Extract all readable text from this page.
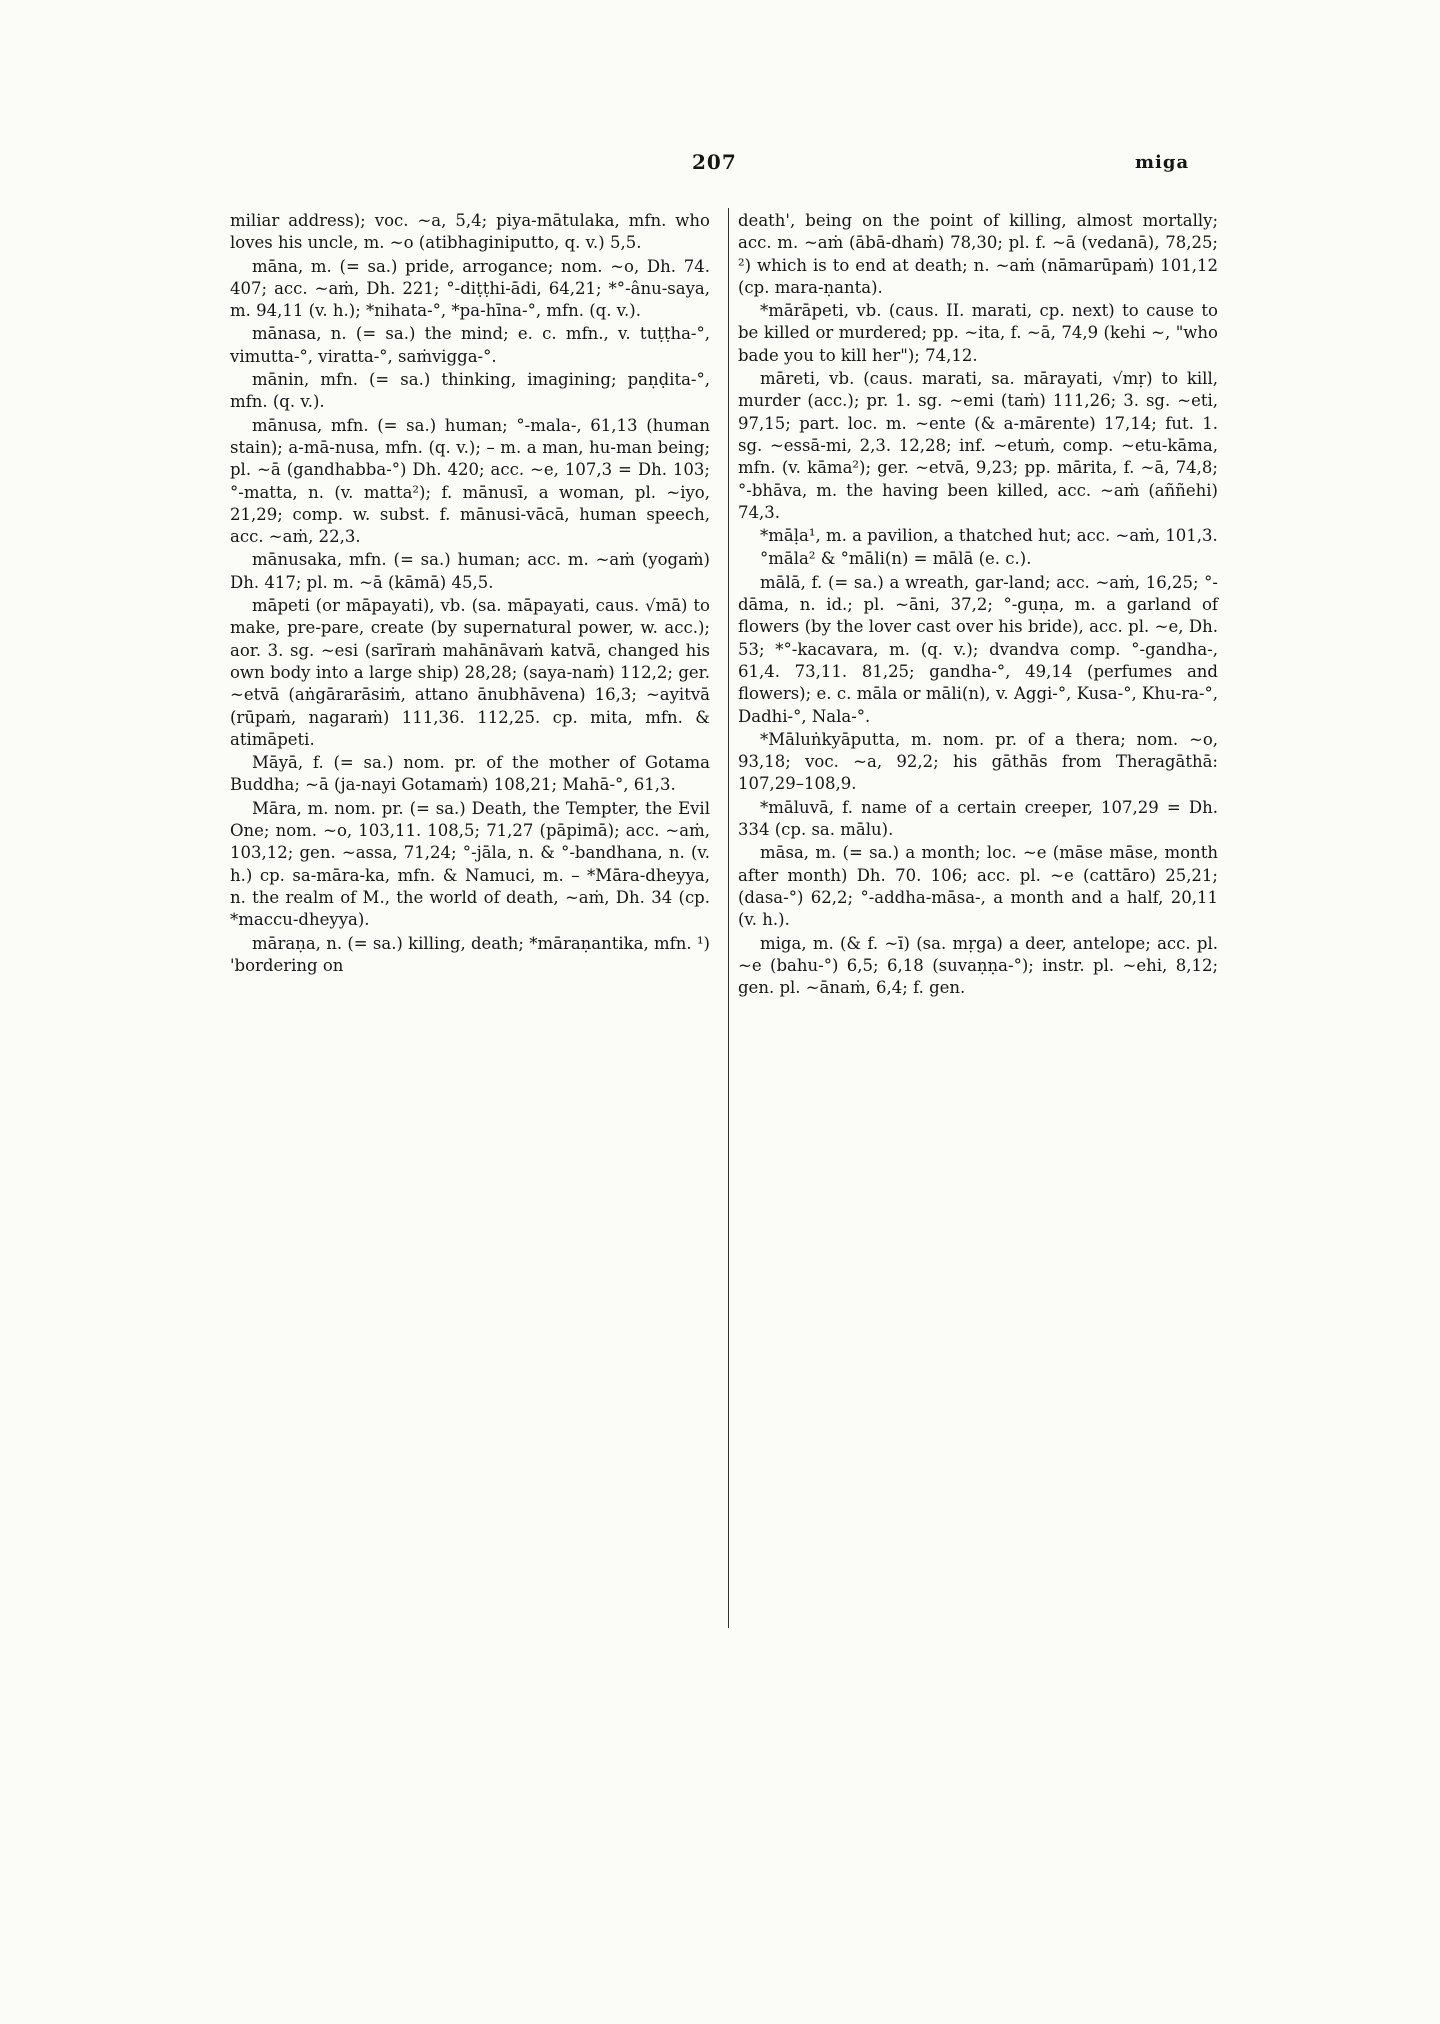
207	miga

miliar address); voc. ~a, 5,4; piya-mātulaka, mfn. who loves his uncle, m. ~o (atibhaginiputto, q. v.) 5,5.

māna, m. (= sa.) pride, arrogance; nom. ~o, Dh. 74. 407; acc. ~aṁ, Dh. 221; °-diṭṭhi-ādi, 64,21; *°-ânu-saya, m. 94,11 (v. h.); *nihata-°, *pa-hīna-°, mfn. (q. v.).

mānasa, n. (= sa.) the mind; e. c. mfn., v. tuṭṭha-°, vimutta-°, viratta-°, saṁvigga-°.

mānin, mfn. (= sa.) thinking, imagining; paṇḍita-°, mfn. (q. v.).

mānusa, mfn. (= sa.) human; °-mala-, 61,13 (human stain); a-mā-nusa, mfn. (q. v.); – m. a man, hu-man being; pl. ~ā (gandhabba-°) Dh. 420; acc. ~e, 107,3 = Dh. 103; °-matta, n. (v. matta²); f. mānusī, a woman, pl. ~iyo, 21,29; comp. w. subst. f. mānusi-vācā, human speech, acc. ~aṁ, 22,3.

mānusaka, mfn. (= sa.) human; acc. m. ~aṁ (yogaṁ) Dh. 417; pl. m. ~ā (kāmā) 45,5.

māpeti (or māpayati), vb. (sa. māpayati, caus. √mā) to make, pre-pare, create (by supernatural power, w. acc.); aor. 3. sg. ~esi (sarīraṁ mahānāvaṁ katvā, changed his own body into a large ship) 28,28; (saya-naṁ) 112,2; ger. ~etvā (aṅgārarāsiṁ, attano ānubhāvena) 16,3; ~ayitvā (rūpaṁ, nagaraṁ) 111,36. 112,25. cp. mita, mfn. & atimāpeti.

Māyā, f. (= sa.) nom. pr. of the mother of Gotama Buddha; ~ā (ja-nayi Gotamaṁ) 108,21; Mahā-°, 61,3.

Māra, m. nom. pr. (= sa.) Death, the Tempter, the Evil One; nom. ~o, 103,11. 108,5; 71,27 (pāpimā); acc. ~aṁ, 103,12; gen. ~assa, 71,24; °-jāla, n. & °-bandhana, n. (v. h.) cp. sa-māra-ka, mfn. & Namuci, m. – *Māra-dheyya, n. the realm of M., the world of death, ~aṁ, Dh. 34 (cp. *maccu-dheyya).

māraṇa, n. (= sa.) killing, death; *māraṇantika, mfn. ¹) 'bordering on

death', being on the point of killing, almost mortally; acc. m. ~aṁ (ābā-dhaṁ) 78,30; pl. f. ~ā (vedanā), 78,25; ²) which is to end at death; n. ~aṁ (nāmarūpaṁ) 101,12 (cp. mara-ṇanta).

*mārāpeti, vb. (caus. II. marati, cp. next) to cause to be killed or murdered; pp. ~ita, f. ~ā, 74,9 (kehi ~, "who bade you to kill her"); 74,12.

māreti, vb. (caus. marati, sa. mārayati, √mṛ) to kill, murder (acc.); pr. 1. sg. ~emi (taṁ) 111,26; 3. sg. ~eti, 97,15; part. loc. m. ~ente (& a-mārente) 17,14; fut. 1. sg. ~essā-mi, 2,3. 12,28; inf. ~etuṁ, comp. ~etu-kāma, mfn. (v. kāma²); ger. ~etvā, 9,23; pp. mārita, f. ~ā, 74,8; °-bhāva, m. the having been killed, acc. ~aṁ (aññehi) 74,3.

*māḷa¹, m. a pavilion, a thatched hut; acc. ~aṁ, 101,3.

°māla² & °māli(n) = mālā (e. c.).

mālā, f. (= sa.) a wreath, gar-land; acc. ~aṁ, 16,25; °-dāma, n. id.; pl. ~āni, 37,2; °-guṇa, m. a garland of flowers (by the lover cast over his bride), acc. pl. ~e, Dh. 53; *°-kacavara, m. (q. v.); dvandva comp. °-gandha-, 61,4. 73,11. 81,25; gandha-°, 49,14 (perfumes and flowers); e. c. māla or māli(n), v. Aggi-°, Kusa-°, Khu-ra-°, Dadhi-°, Nala-°.

*Māluṅkyāputta, m. nom. pr. of a thera; nom. ~o, 93,18; voc. ~a, 92,2; his gāthās from Theragāthā: 107,29–108,9.

*māluvā, f. name of a certain creeper, 107,29 = Dh. 334 (cp. sa. mālu).

māsa, m. (= sa.) a month; loc. ~e (māse māse, month after month) Dh. 70. 106; acc. pl. ~e (cattāro) 25,21; (dasa-°) 62,2; °-addha-māsa-, a month and a half, 20,11 (v. h.).

miga, m. (& f. ~ī) (sa. mṛga) a deer, antelope; acc. pl. ~e (bahu-°) 6,5; 6,18 (suvaṇṇa-°); instr. pl. ~ehi, 8,12; gen. pl. ~ānaṁ, 6,4; f. gen.
